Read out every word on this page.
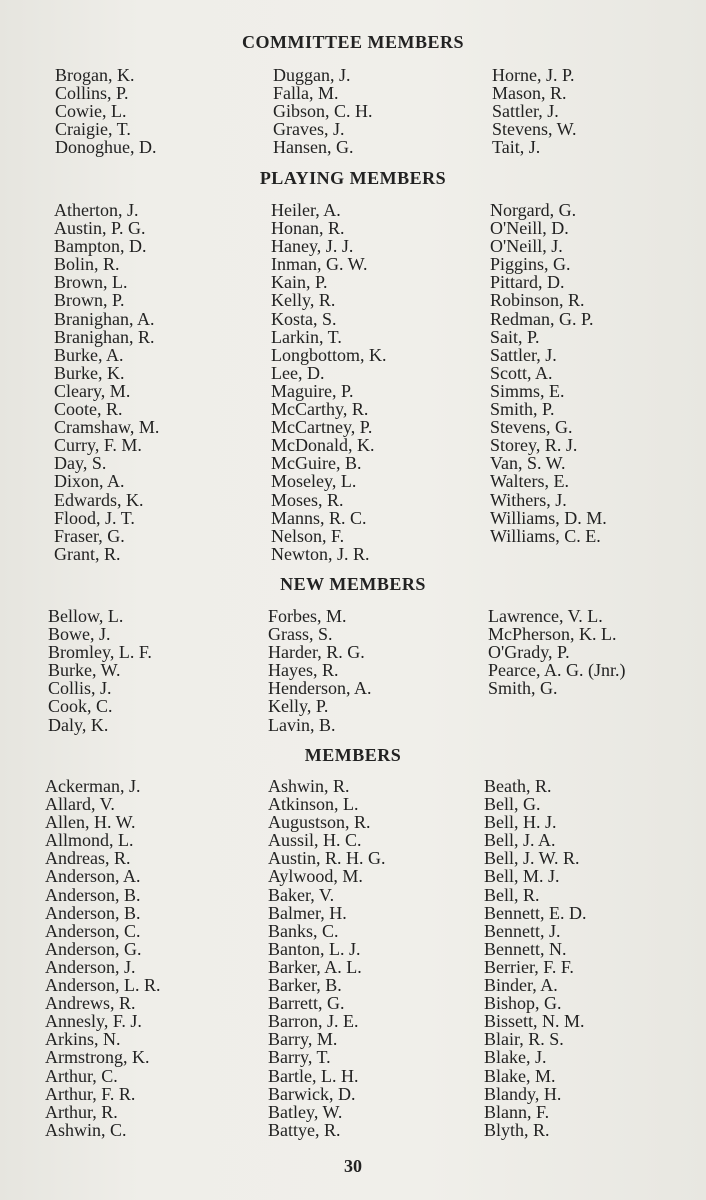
COMMITTEE MEMBERS
Brogan, K.
Collins, P.
Cowie, L.
Craigie, T.
Donoghue, D.
Duggan, J.
Falla, M.
Gibson, C. H.
Graves, J.
Hansen, G.
Horne, J. P.
Mason, R.
Sattler, J.
Stevens, W.
Tait, J.
PLAYING MEMBERS
Atherton, J.
Austin, P. G.
Bampton, D.
Bolin, R.
Brown, L.
Brown, P.
Branighan, A.
Branighan, R.
Burke, A.
Burke, K.
Cleary, M.
Coote, R.
Cramshaw, M.
Curry, F. M.
Day, S.
Dixon, A.
Edwards, K.
Flood, J. T.
Fraser, G.
Grant, R.
Heiler, A.
Honan, R.
Haney, J. J.
Inman, G. W.
Kain, P.
Kelly, R.
Kosta, S.
Larkin, T.
Longbottom, K.
Lee, D.
Maguire, P.
McCarthy, R.
McCartney, P.
McDonald, K.
McGuire, B.
Moseley, L.
Moses, R.
Manns, R. C.
Nelson, F.
Newton, J. R.
Norgard, G.
O'Neill, D.
O'Neill, J.
Piggins, G.
Pittard, D.
Robinson, R.
Redman, G. P.
Sait, P.
Sattler, J.
Scott, A.
Simms, E.
Smith, P.
Stevens, G.
Storey, R. J.
Van, S. W.
Walters, E.
Withers, J.
Williams, D. M.
Williams, C. E.
NEW MEMBERS
Bellow, L.
Bowe, J.
Bromley, L. F.
Burke, W.
Collis, J.
Cook, C.
Daly, K.
Forbes, M.
Grass, S.
Harder, R. G.
Hayes, R.
Henderson, A.
Kelly, P.
Lavin, B.
Lawrence, V. L.
McPherson, K. L.
O'Grady, P.
Pearce, A. G. (Jnr.)
Smith, G.
MEMBERS
Ackerman, J.
Allard, V.
Allen, H. W.
Allmond, L.
Andreas, R.
Anderson, A.
Anderson, B.
Anderson, B.
Anderson, C.
Anderson, G.
Anderson, J.
Anderson, L. R.
Andrews, R.
Annesly, F. J.
Arkins, N.
Armstrong, K.
Arthur, C.
Arthur, F. R.
Arthur, R.
Ashwin, C.
Ashwin, R.
Atkinson, L.
Augustson, R.
Aussil, H. C.
Austin, R. H. G.
Aylwood, M.
Baker, V.
Balmer, H.
Banks, C.
Banton, L. J.
Barker, A. L.
Barker, B.
Barrett, G.
Barron, J. E.
Barry, M.
Barry, T.
Bartle, L. H.
Barwick, D.
Batley, W.
Battye, R.
Beath, R.
Bell, G.
Bell, H. J.
Bell, J. A.
Bell, J. W. R.
Bell, M. J.
Bell, R.
Bennett, E. D.
Bennett, J.
Bennett, N.
Berrier, F. F.
Binder, A.
Bishop, G.
Bissett, N. M.
Blair, R. S.
Blake, J.
Blake, M.
Blandy, H.
Blann, F.
Blyth, R.
30
